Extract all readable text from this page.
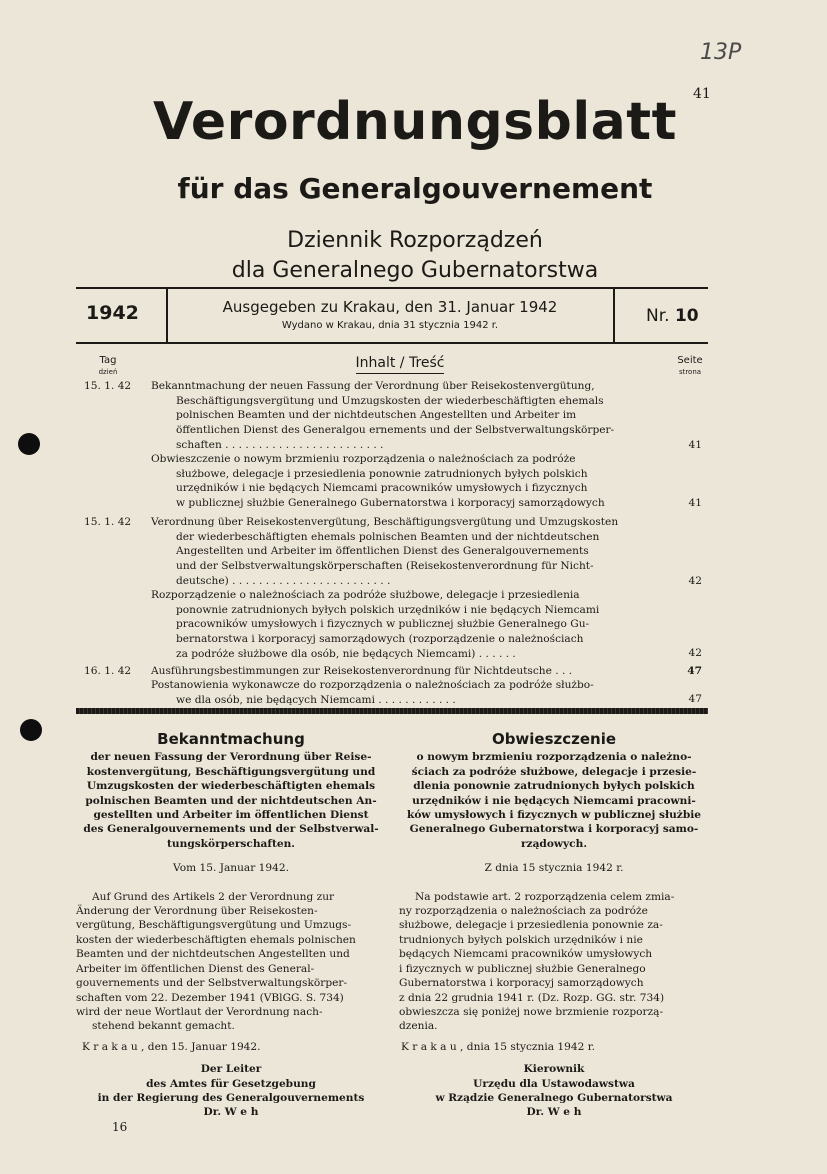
13P
41
Verordnungsblatt
für das Generalgouvernement
Dziennik Rozporządzeń
dla Generalnego Gubernatorstwa
1942	Ausgegeben zu Krakau, den 31. Januar 1942
Wydano w Krakau, dnia 31 stycznia 1942 r.	Nr. 10
Tag
dzień
Inhalt / Treść	Seite
strona
15. 1. 42	Bekanntmachung der neuen Fassung der Verordnung über Reisekostenvergütung,
Beschäftigungsvergütung und Umzugskosten der wiederbeschäftigten ehemals
polnischen Beamten und der nichtdeutschen Angestellten und Arbeiter im
öffentlichen Dienst des Generalgou ernements und der Selbstverwaltungskörper-
schaften . . . . . . . . . . . . . . . . . . . . . . . .	41
Obwieszczenie o nowym brzmieniu rozporządzenia o należnościach za podróże
służbowe, delegacje i przesiedlenia ponownie zatrudnionych byłych polskich
urzędników i nie będących Niemcami pracowników umysłowych i fizycznych
w publicznej służbie Generalnego Gubernatorstwa i korporacyj samorządowych	41
15. 1. 42	Verordnung über Reisekostenvergütung, Beschäftigungsvergütung und Umzugskosten
der wiederbeschäftigten ehemals polnischen Beamten und der nichtdeutschen
Angestellten und Arbeiter im öffentlichen Dienst des Generalgouvernements
und der Selbstverwaltungskörperschaften (Reisekostenverordnung für Nicht-
deutsche) . . . . . . . . . . . . . . . . . . . . . . . .	42
Rozporządzenie o należnościach za podróże służbowe, delegacje i przesiedlenia
ponownie zatrudnionych byłych polskich urzędników i nie będących Niemcami
pracowników umysłowych i fizycznych w publicznej służbie Generalnego Gu-
bernatorstwa i korporacyj samorządowych (rozporządzenie o należnościach
za podróże służbowe dla osób, nie będących Niemcami) . . . . . .	42
16. 1. 42	Ausführungsbestimmungen zur Reisekostenverordnung für Nichtdeutsche . . .	47
Postanowienia wykonawcze do rozporządzenia o należnościach za podróże służbo-
we dla osób, nie będących Niemcami . . . . . . . . . . . .	47
Bekanntmachung
der neuen Fassung der Verordnung über Reise-
kostenvergütung, Beschäftigungsvergütung und
Umzugskosten der wiederbeschäftigten ehemals
polnischen Beamten und der nichtdeutschen An-
gestellten und Arbeiter im öffentlichen Dienst
des Generalgouvernements und der Selbstverwal-
tungskörperschaften.
Vom 15. Januar 1942.
Auf Grund des Artikels 2 der Verordnung zur
Änderung der Verordnung über Reisekosten-
vergütung, Beschäftigungsvergütung und Umzugs-
kosten der wiederbeschäftigten ehemals polnischen
Beamten und der nichtdeutschen Angestellten und
Arbeiter im öffentlichen Dienst des General-
gouvernements und der Selbstverwaltungskörper-
schaften vom 22. Dezember 1941 (VBlGG. S. 734)
wird der neue Wortlaut der Verordnung nach-
stehend bekannt gemacht.
K r a k a u , den 15. Januar 1942.
Der Leiter
des Amtes für Gesetzgebung
in der Regierung des Generalgouvernements
Dr. W e h
Obwieszczenie
o nowym brzmieniu rozporządzenia o należno-
ściach za podróże służbowe, delegacje i przesie-
dlenia ponownie zatrudnionych byłych polskich
urzędników i nie będących Niemcami pracowni-
ków umysłowych i fizycznych w publicznej służbie
Generalnego Gubernatorstwa i korporacyj samo-
rządowych.
Z dnia 15 stycznia 1942 r.
Na podstawie art. 2 rozporządzenia celem zmia-
ny rozporządzenia o należnościach za podróże
służbowe, delegacje i przesiedlenia ponownie za-
trudnionych byłych polskich urzędników i nie
będących Niemcami pracowników umysłowych
i fizycznych w publicznej służbie Generalnego
Gubernatorstwa i korporacyj samorządowych
z dnia 22 grudnia 1941 r. (Dz. Rozp. GG. str. 734)
obwieszcza się poniżej nowe brzmienie rozporzą-
dzenia.
K r a k a u , dnia 15 stycznia 1942 r.
Kierownik
Urzędu dla Ustawodawstwa
w Rządzie Generalnego Gubernatorstwa
Dr. W e h
16
